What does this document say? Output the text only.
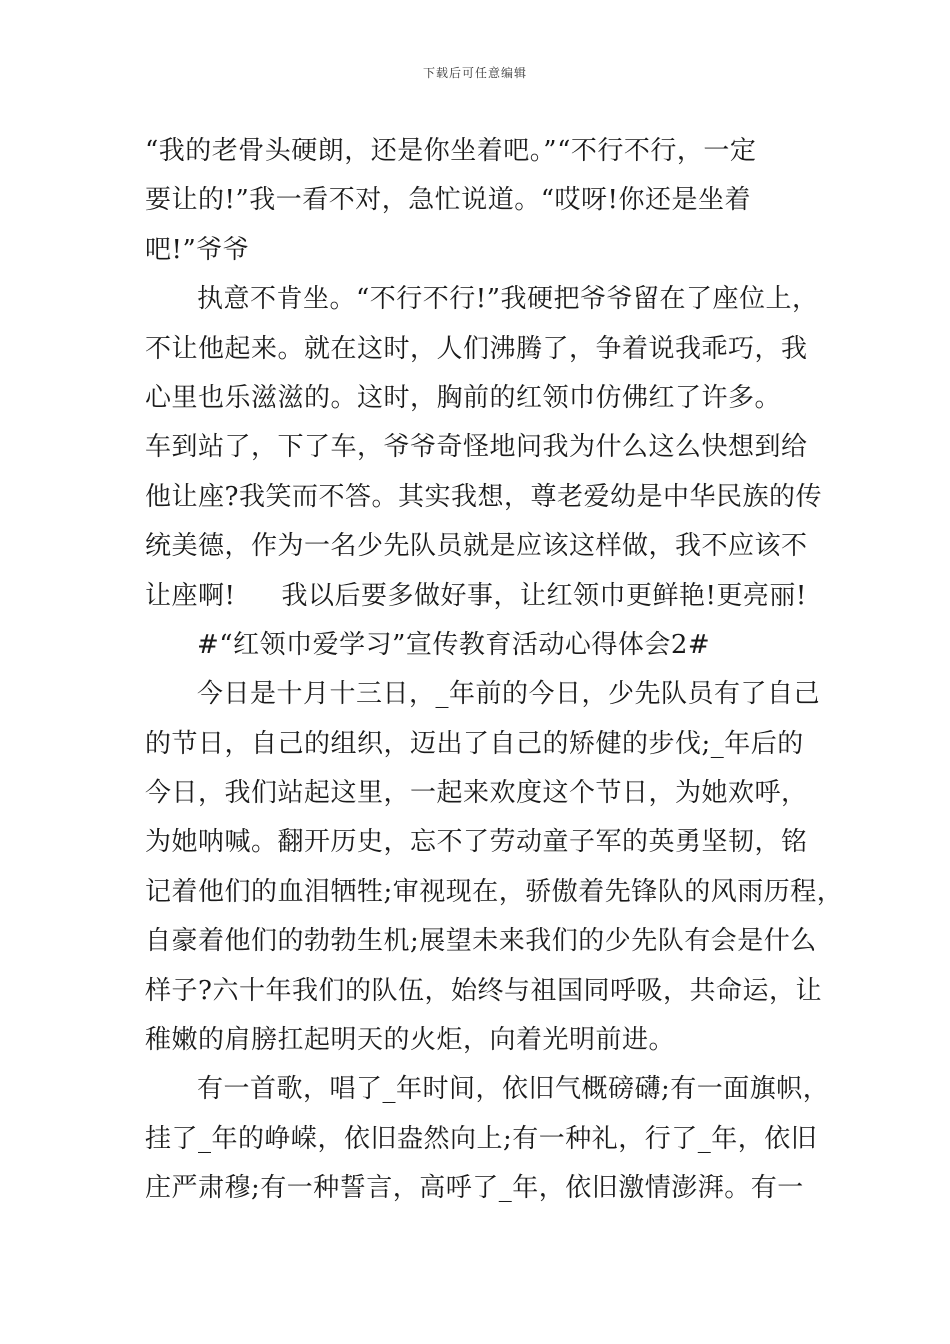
下载后可任意编辑
“我的老骨头硬朗，还是你坐着吧。”“不行不行，一定
要让的!”我一看不对，急忙说道。“哎呀!你还是坐着
吧!”爷爷
执意不肯坐。“不行不行!”我硬把爷爷留在了座位上，
不让他起来。就在这时，人们沸腾了，争着说我乖巧，我
心里也乐滋滋的。这时，胸前的红领巾仿佛红了许多。
车到站了，下了车，爷爷奇怪地问我为什么这么快想到给
他让座?我笑而不答。其实我想，尊老爱幼是中华民族的传
统美德，作为一名少先队员就是应该这样做，我不应该不
让座啊! 我以后要多做好事，让红领巾更鲜艳!更亮丽!
#“红领巾爱学习”宣传教育活动心得体会2#
今日是十月十三日，_年前的今日，少先队员有了自己
的节日，自己的组织，迈出了自己的矫健的步伐;_年后的
今日，我们站起这里，一起来欢度这个节日，为她欢呼，
为她呐喊。翻开历史，忘不了劳动童子军的英勇坚韧，铭
记着他们的血泪牺牲;审视现在，骄傲着先锋队的风雨历程，
自豪着他们的勃勃生机;展望未来我们的少先队有会是什么
样子?六十年我们的队伍，始终与祖国同呼吸，共命运，让
稚嫩的肩膀扛起明天的火炬，向着光明前进。
有一首歌，唱了_年时间，依旧气概磅礴;有一面旗帜，
挂了_年的峥嵘，依旧盎然向上;有一种礼，行了_年，依旧
庄严肃穆;有一种誓言，高呼了_年，依旧激情澎湃。有一
